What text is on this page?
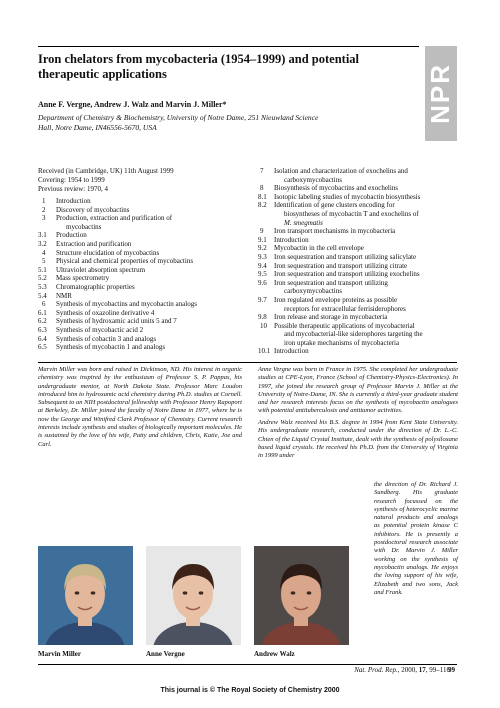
Iron chelators from mycobacteria (1954–1999) and potential therapeutic applications	NPR
Anne F. Vergne, Andrew J. Walz and Marvin J. Miller*
Department of Chemistry & Biochemistry, University of Notre Dame, 251 Nieuwland Science
Hall, Notre Dame, IN46556-5670, USA
Received (in Cambridge, UK) 11th August 1999
Covering: 1954 to 1999
Previous review: 1970, 4
1	Introduction
2	Discovery of mycobactins
3	Production, extraction and purification of
mycobactins
3.1	Production
3.2	Extraction and purification
4	Structure elucidation of mycobactins
5	Physical and chemical properties of mycobactins
5.1	Ultraviolet absorption spectrum
5.2	Mass spectrometry
5.3	Chromatographic properties
5.4	NMR
6	Synthesis of mycobactins and mycobactin analogs
6.1	Synthesis of oxazoline derivative 4
6.2	Synthesis of hydroxamic acid units 5 and 7
6.3	Synthesis of mycobactic acid 2
6.4	Synthesis of cobactin 3 and analogs
6.5	Synthesis of mycobactin 1 and analogs
7	Isolation and characterization of exochelins and
carboxymycobactins
8	Biosynthesis of mycobactins and exochelins
8.1	Isotopic labeling studies of mycobactin biosynthesis
8.2	Identification of gene clusters encoding for
biosyntheses of mycobactin T and exochelins of
M. smegmatis
9	Iron transport mechanisms in mycobacteria
9.1	Introduction
9.2	Mycobactin in the cell envelope
9.3	Iron sequestration and transport utilizing salicylate
9.4	Iron sequestration and transport utilizing citrate
9.5	Iron sequestration and transport utilizing exochelins
9.6	Iron sequestration and transport utilizing
carboxymycobactins
9.7	Iron regulated envelope proteins as possible
receptors for extracellular ferrisiderophores
9.8	Iron release and storage in mycobacteria
10	Possible therapeutic applications of mycobacterial
and mycobacterial-like siderophores targeting the
iron uptake mechanisms of mycobacteria
10.1 Introduction
Marvin Miller was born and raised in Dickinson, ND. His interest in organic chemistry was inspired by the enthusiasm of Professor S. P. Pappas, his undergraduate mentor, at North Dakota State. Professor Marc Loudon introduced him to hydroxamic acid chemistry during Ph.D. studies at Cornell. Subsequent to an NIH postdoctoral fellowship with Professor Henry Rapoport at Berkeley, Dr. Miller joined the faculty of Notre Dame in 1977, where he is now the George and Winifred Clark Professor of Chemistry. Current research interests include synthesis and studies of biologically important molecules. He is sustained by the love of his wife, Patty and children, Chris, Katie, Joe and Carl.
Anne Vergne was born in France in 1975. She completed her undergraduate studies at CPE-Lyon, France (School of Chemistry-Physics-Electronics). In 1997, she joined the research group of Professor Marvin J. Miller at the University of Notre-Dame, IN. She is currently a third-year graduate student and her research interests focus on the synthesis of mycobactin analogues with potential antituberculosis and antitumor activities.
Andrew Walz received his B.S. degree in 1994 from Kent State University. His undergraduate research, conducted under the direction of Dr. L.-C. Chien of the Liquid Crystal Institute, dealt with the synthesis of polysiloxane based liquid crystals. He received his Ph.D. from the University of Virginia in 1999 under
the direction of Dr. Richard J. Sundberg. His graduate research focussed on the synthesis of heterocyclic marine natural products and analogs as potential protein kinase C inhibitors. He is presently a postdoctoral research associate with Dr. Marvin J. Miller working on the synthesis of mycobactin analogs. He enjoys the loving support of his wife, Elizabeth and two sons, Jack and Frank.
Marvin Miller	Anne Vergne	Andrew Walz
Nat. Prod. Rep., 2000, 17, 99–116
99
This journal is © The Royal Society of Chemistry 2000
